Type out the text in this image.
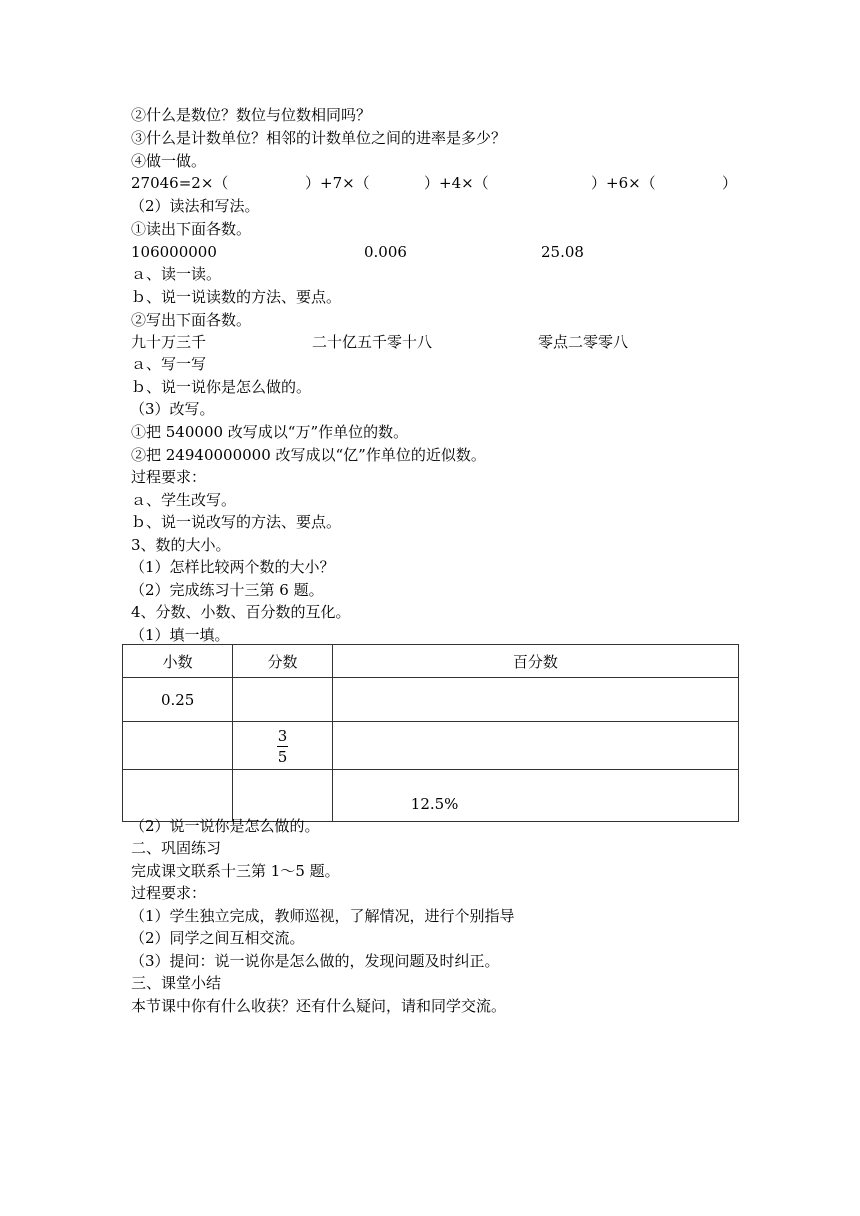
②什么是数位？数位与位数相同吗？
③什么是计数单位？相邻的计数单位之间的进率是多少？
④做一做。

27046=2×（

	）+7×（

	）+4×（

	）+6×（

	）

（2）读法和写法。
①读出下面各数。

106000000

	0.006

	25.08

ａ、读一读。
ｂ、说一说读数的方法、要点。
②写出下面各数。

九十万三千

	二十亿五千零十八

	零点二零零八

ａ、写一写
ｂ、说一说你是怎么做的。
（3）改写。
①把 540000 改写成以“万”作单位的数。
②把 24940000000 改写成以“亿”作单位的近似数。
过程要求：
ａ、学生改写。
ｂ、说一说改写的方法、要点。
3、数的大小。
（1）怎样比较两个数的大小？
（2）完成练习十三第 6 题。
4、分数、小数、百分数的互化。
（1）填一填。
小数	分数	百分数
0.25		

	$\frac{3}{5}$

		12.5%
（2）说一说你是怎么做的。
二、巩固练习
完成课文联系十三第 1～5 题。
过程要求：
（1）学生独立完成，教师巡视，了解情况，进行个别指导
（2）同学之间互相交流。
（3）提问：说一说你是怎么做的，发现问题及时纠正。
三、课堂小结
本节课中你有什么收获？还有什么疑问，请和同学交流。
